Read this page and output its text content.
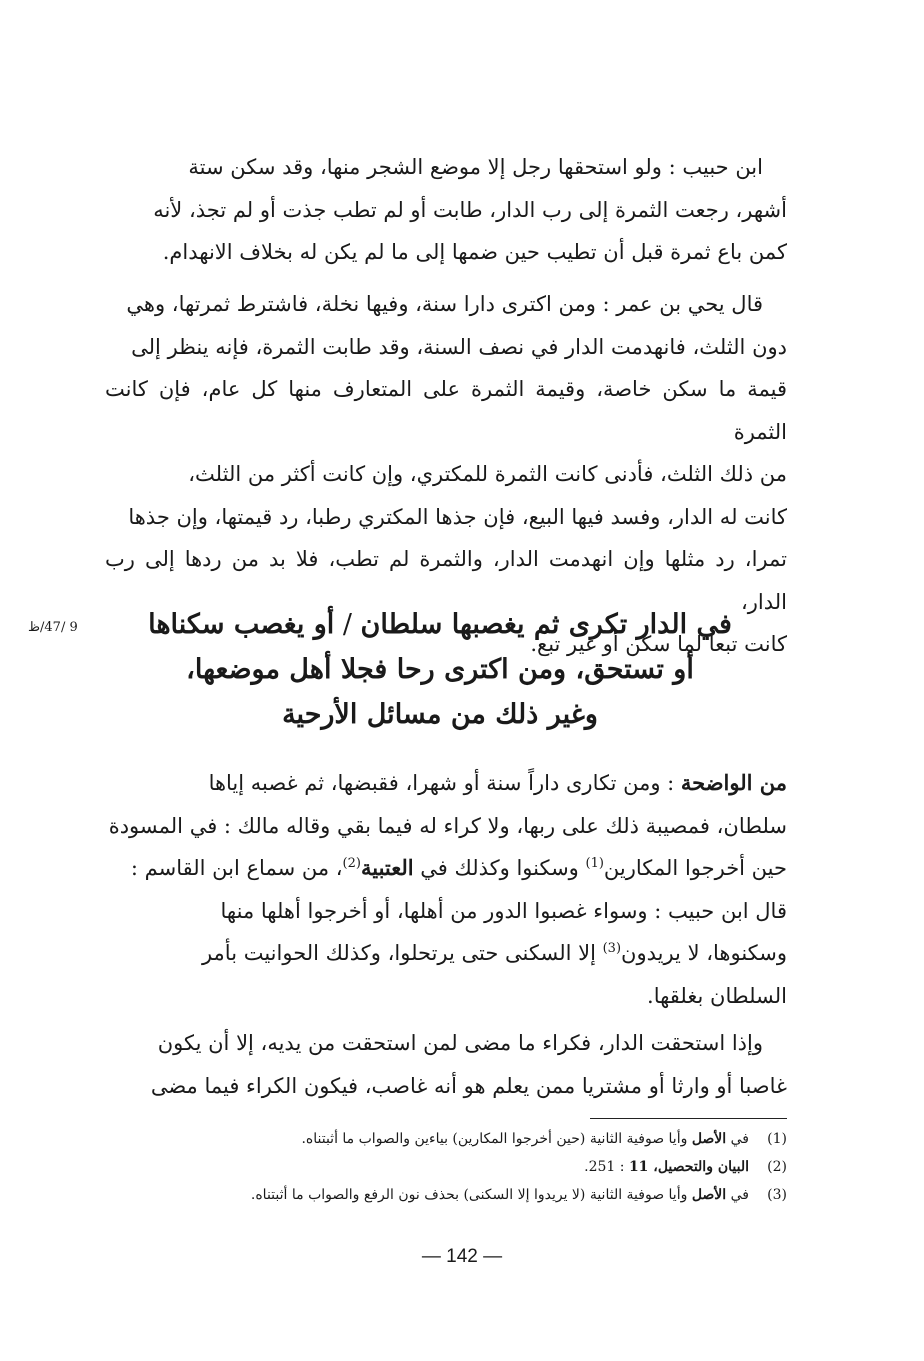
ابن حبيب : ولو استحقها رجل إلا موضع الشجر منها، وقد سكن ستة

أشهر، رجعت الثمرة إلى رب الدار، طابت أو لم تطب جذت أو لم تجذ، لأنه

كمن باع ثمرة قبل أن تطيب حين ضمها إلى ما لم يكن له بخلاف الانهدام.

قال يحي بن عمر : ومن اكترى دارا سنة، وفيها نخلة، فاشترط ثمرتها، وهي

دون الثلث، فانهدمت الدار في نصف السنة، وقد طابت الثمرة، فإنه ينظر إلى

قيمة ما سكن خاصة، وقيمة الثمرة على المتعارف منها كل عام، فإن كانت الثمرة

من ذلك الثلث، فأدنى كانت الثمرة للمكتري، وإن كانت أكثر من الثلث،

كانت له الدار، وفسد فيها البيع، فإن جذها المكتري رطبا، رد قيمتها، وإن جذها

تمرا، رد مثلها وإن انهدمت الدار، والثمرة لم تطب، فلا بد من ردها إلى رب الدار،

كانت تبعا لما سكن أو غير تبع.

في الدار تكرى ثم يغصبها سلطان / أو يغصب سكناها
أو تستحق، ومن اكترى رحا فجلا أهل موضعها،
وغير ذلك من مسائل الأرحية
9 /47/ظ

من الواضحة : ومن تكارى داراً سنة أو شهرا، فقبضها، ثم غصبه إياها

سلطان، فمصيبة ذلك على ربها، ولا كراء له فيما بقي وقاله مالك : في المسودة

حين أخرجوا المكارين$^{(1)}$ وسكنوا وكذلك في العتبية$^{(2)}$، من سماع ابن القاسم :

قال ابن حبيب : وسواء غصبوا الدور من أهلها، أو أخرجوا أهلها منها

وسكنوها، لا يريدون$^{(3)}$ إلا السكنى حتى يرتحلوا، وكذلك الحوانيت بأمر

السلطان بغلقها.

وإذا استحقت الدار، فكراء ما مضى لمن استحقت من يديه، إلا أن يكون

غاصبا أو وارثا أو مشتريا ممن يعلم هو أنه غاصب، فيكون الكراء فيما مضى

(1)
في الأصل وأيا صوفية الثانية (حين أخرجوا المكارين) بياءين والصواب ما أثبتناه.
(2)
البيان والتحصيل، 11 : 251.
(3)
في الأصل وأيا صوفية الثانية (لا يريدوا إلا السكنى) بحذف نون الرفع والصواب ما أثبتناه.
— 142 —
